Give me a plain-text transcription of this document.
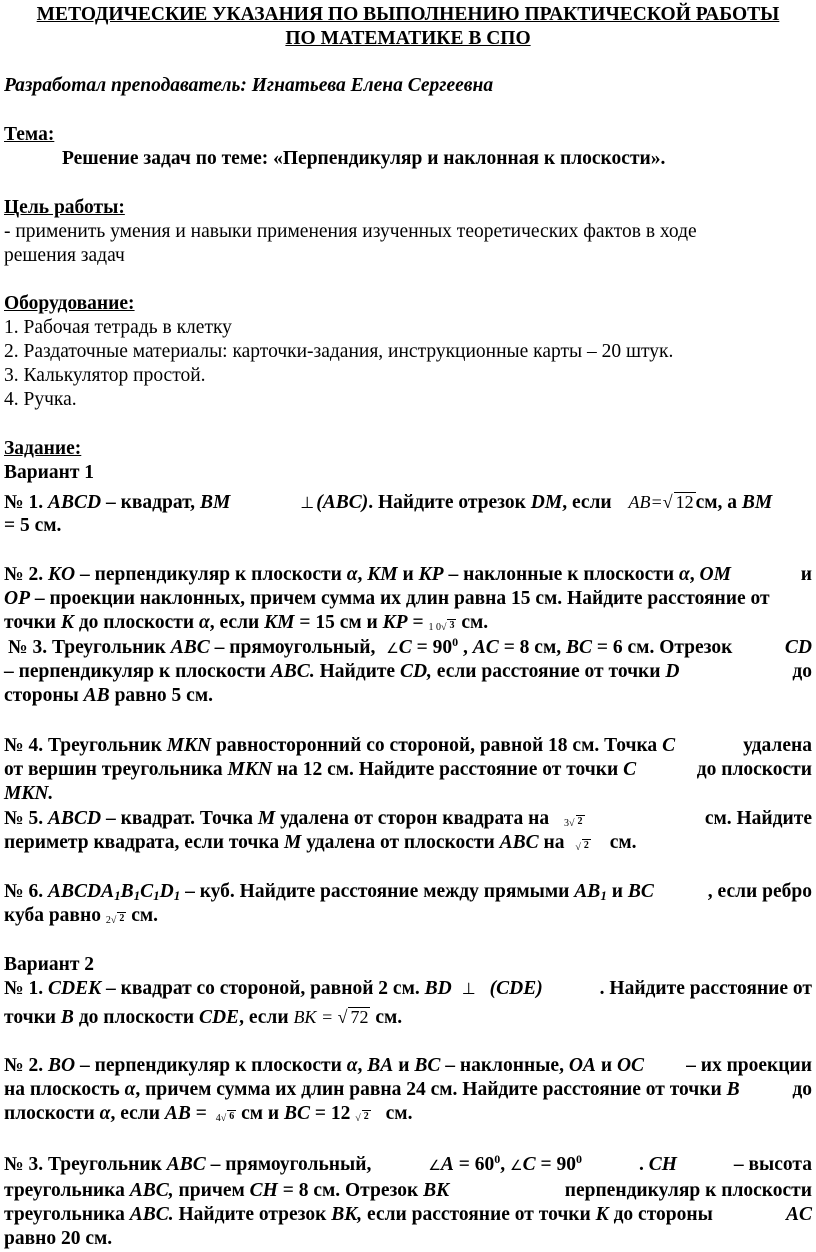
МЕТОДИЧЕСКИЕ УКАЗАНИЯ ПО ВЫПОЛНЕНИЮ ПРАКТИЧЕСКОЙ РАБОТЫ
ПО МАТЕМАТИКЕ В СПО
Разработал преподаватель: Игнатьева Елена Сергеевна
Тема:
Решение задач по теме: «Перпендикуляр и наклонная к плоскости».
Цель работы:
- применить умения и навыки применения изученных теоретических фактов в ходе
решения задач
Оборудование:
1. Рабочая тетрадь в клетку
2. Раздаточные материалы: карточки-задания, инструкционные карты – 20 штук.
3. Калькулятор простой.
4. Ручка.
Задание:
Вариант 1
№ 1. ABCD – квадрат, BM	⊥ (ABC). Найдите отрезок DM, если AB=√ 12 см, а BM
= 5 см.
№ 2. KO – перпендикуляр к плоскости α, KM и KP – наклонные к плоскости α, OM	и
OP – проекции наклонных, причем сумма их длин равна 15 см. Найдите расстояние от
точки K до плоскости α, если KM = 15 см и KP = 1 0√ 3 см.
№ 3. Треугольник ABC – прямоугольный, ∠C = $90^0$ , AC = 8 см, BC = 6 см. Отрезок	CD
– перпендикуляр к плоскости ABC. Найдите CD, если расстояние от точки D	до
стороны AB равно 5 см.
№ 4. Треугольник MKN равносторонний со стороной, равной 18 см. Точка C	удалена
от вершин треугольника MKN на 12 см. Найдите расстояние от точки C	до плоскости
MKN.
№ 5. ABCD – квадрат. Точка M удалена от сторон квадрата на 3√ 2	см. Найдите
периметр квадрата, если точка M удалена от плоскости ABC на √ 2 см.
№ 6. $ABCDA_1B_1C_1D_1$ – куб. Найдите расстояние между прямыми $AB_1$ и BC	, если ребро
куба равно 2√ 2 см.
Вариант 2
№ 1. CDEK – квадрат со стороной, равной 2 см. BD ⊥ (CDE)	. Найдите расстояние от
точки B до плоскости CDE, если BK = √ 72 см.
№ 2. BO – перпендикуляр к плоскости α, BA и BC – наклонные, OA и OC – их проекции
на плоскость α, причем сумма их длин равна 24 см. Найдите расстояние от точки B	до
плоскости α, если AB = 4√ 6 см и BC = 12 √ 2 см.
№ 3. Треугольник ABC – прямоугольный,	∠A = $60^0$, ∠C = $90^0$	. CH	– высота
треугольника ABC, причем CH = 8 см. Отрезок BK	перпендикуляр к плоскости
треугольника ABC. Найдите отрезок BK, если расстояние от точки K до стороны	AC
равно 20 см.
